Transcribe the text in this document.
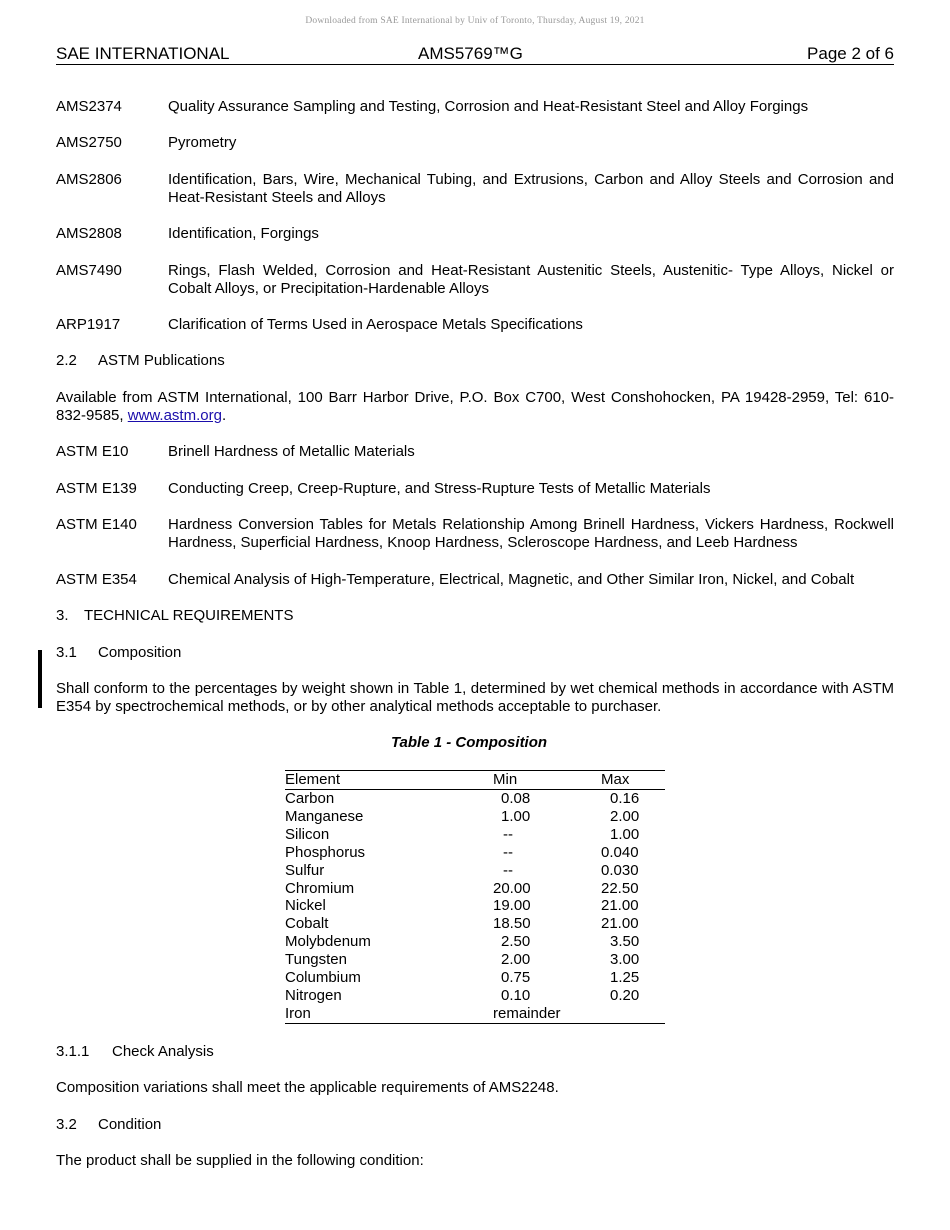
Downloaded from SAE International by Univ of Toronto, Thursday, August 19, 2021
SAE INTERNATIONAL	AMS5769™G	Page 2 of 6
AMS2374	Quality Assurance Sampling and Testing, Corrosion and Heat-Resistant Steel and Alloy Forgings
AMS2750	Pyrometry
AMS2806	Identification, Bars, Wire, Mechanical Tubing, and Extrusions, Carbon and Alloy Steels and Corrosion and Heat-Resistant Steels and Alloys
AMS2808	Identification, Forgings
AMS7490	Rings, Flash Welded, Corrosion and Heat-Resistant Austenitic Steels, Austenitic- Type Alloys, Nickel or Cobalt Alloys, or Precipitation-Hardenable Alloys
ARP1917	Clarification of Terms Used in Aerospace Metals Specifications
2.2 ASTM Publications
Available from ASTM International, 100 Barr Harbor Drive, P.O. Box C700, West Conshohocken, PA 19428-2959, Tel: 610-832-9585, www.astm.org.
ASTM E10	Brinell Hardness of Metallic Materials
ASTM E139	Conducting Creep, Creep-Rupture, and Stress-Rupture Tests of Metallic Materials
ASTM E140	Hardness Conversion Tables for Metals Relationship Among Brinell Hardness, Vickers Hardness, Rockwell Hardness, Superficial Hardness, Knoop Hardness, Scleroscope Hardness, and Leeb Hardness
ASTM E354	Chemical Analysis of High-Temperature, Electrical, Magnetic, and Other Similar Iron, Nickel, and Cobalt
3. TECHNICAL REQUIREMENTS
3.1 Composition
Shall conform to the percentages by weight shown in Table 1, determined by wet chemical methods in accordance with ASTM E354 by spectrochemical methods, or by other analytical methods acceptable to purchaser.
Table 1 - Composition
Element	Min	Max
Carbon	0.08	0.16
Manganese	1.00	2.00
Silicon	--	1.00
Phosphorus	--	0.040
Sulfur	--	0.030
Chromium	20.00	22.50
Nickel	19.00	21.00
Cobalt	18.50	21.00
Molybdenum	2.50	3.50
Tungsten	2.00	3.00
Columbium	0.75	1.25
Nitrogen	0.10	0.20
Iron	remainder	
3.1.1 Check Analysis
Composition variations shall meet the applicable requirements of AMS2248.
3.2 Condition
The product shall be supplied in the following condition:
